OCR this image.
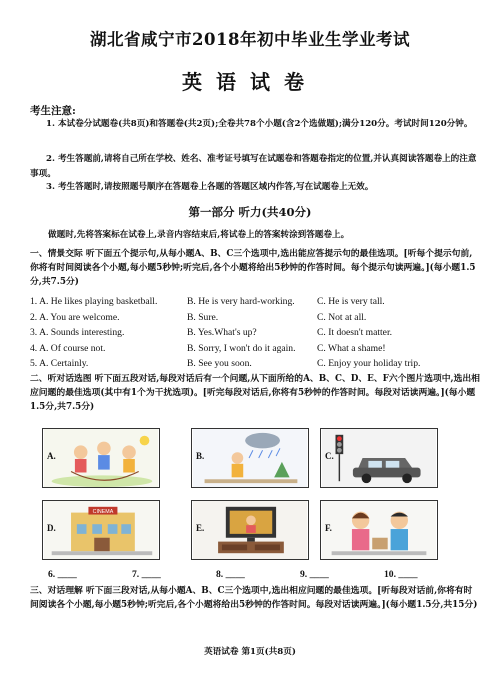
湖北省咸宁市2018年初中毕业生学业考试
英语试卷
考生注意:
1. 本试卷分试题卷(共8页)和答题卷(共2页);全卷共78个小题(含2个选做题);满分120分。考试时间120分钟。
2. 考生答题前,请将自己所在学校、姓名、准考证号填写在试题卷和答题卷指定的位置,并认真阅读答题卷上的注意事项。
3. 考生答题时,请按照题号顺序在答题卷上各题的答题区域内作答,写在试题卷上无效。
第一部分 听力(共40分)
做题时,先将答案标在试卷上,录音内容结束后,将试卷上的答案转涂到答题卷上。
一、情景交际 听下面五个提示句,从每小题A、B、C三个选项中,选出能应答提示句的最佳选项。[听每个提示句前,你将有时间阅读各个小题,每小题5秒钟;听完后,各个小题将给出5秒钟的作答时间。每个提示句读两遍。](每小题1.5分,共7.5分)
1. A. He likes playing basketball.	B. He is very hard-working.	C. He is very tall.
2. A. You are welcome.	B. Sure.	C. Not at all.
3. A. Sounds interesting.	B. Yes.What's up?	C. It doesn't matter.
4. A. Of course not.	B. Sorry, I won't do it again.	C. What a shame!
5. A. Certainly.	B. See you soon.	C. Enjoy your holiday trip.
二、听对话选图 听下面五段对话,每段对话后有一个问题,从下面所给的A、B、C、D、E、F六个图片选项中,选出相应问题的最佳选项(其中有1个为干扰选项)。[听完每段对话后,你将有5秒钟的作答时间。每段对话读两遍。](每小题1.5分,共7.5分)
A.	B.	C.
CINEMA
D.	E.	F.
6. ____	7. ____	8. ____	9. ____	10. ____
三、对话理解 听下面三段对话,从每小题A、B、C三个选项中,选出相应问题的最佳选项。[听每段对话前,你将有时间阅读各个小题,每小题5秒钟;听完后,各个小题将给出5秒钟的作答时间。每段对话读两遍。](每小题1.5分,共15分)
英语试卷 第1页(共8页)
